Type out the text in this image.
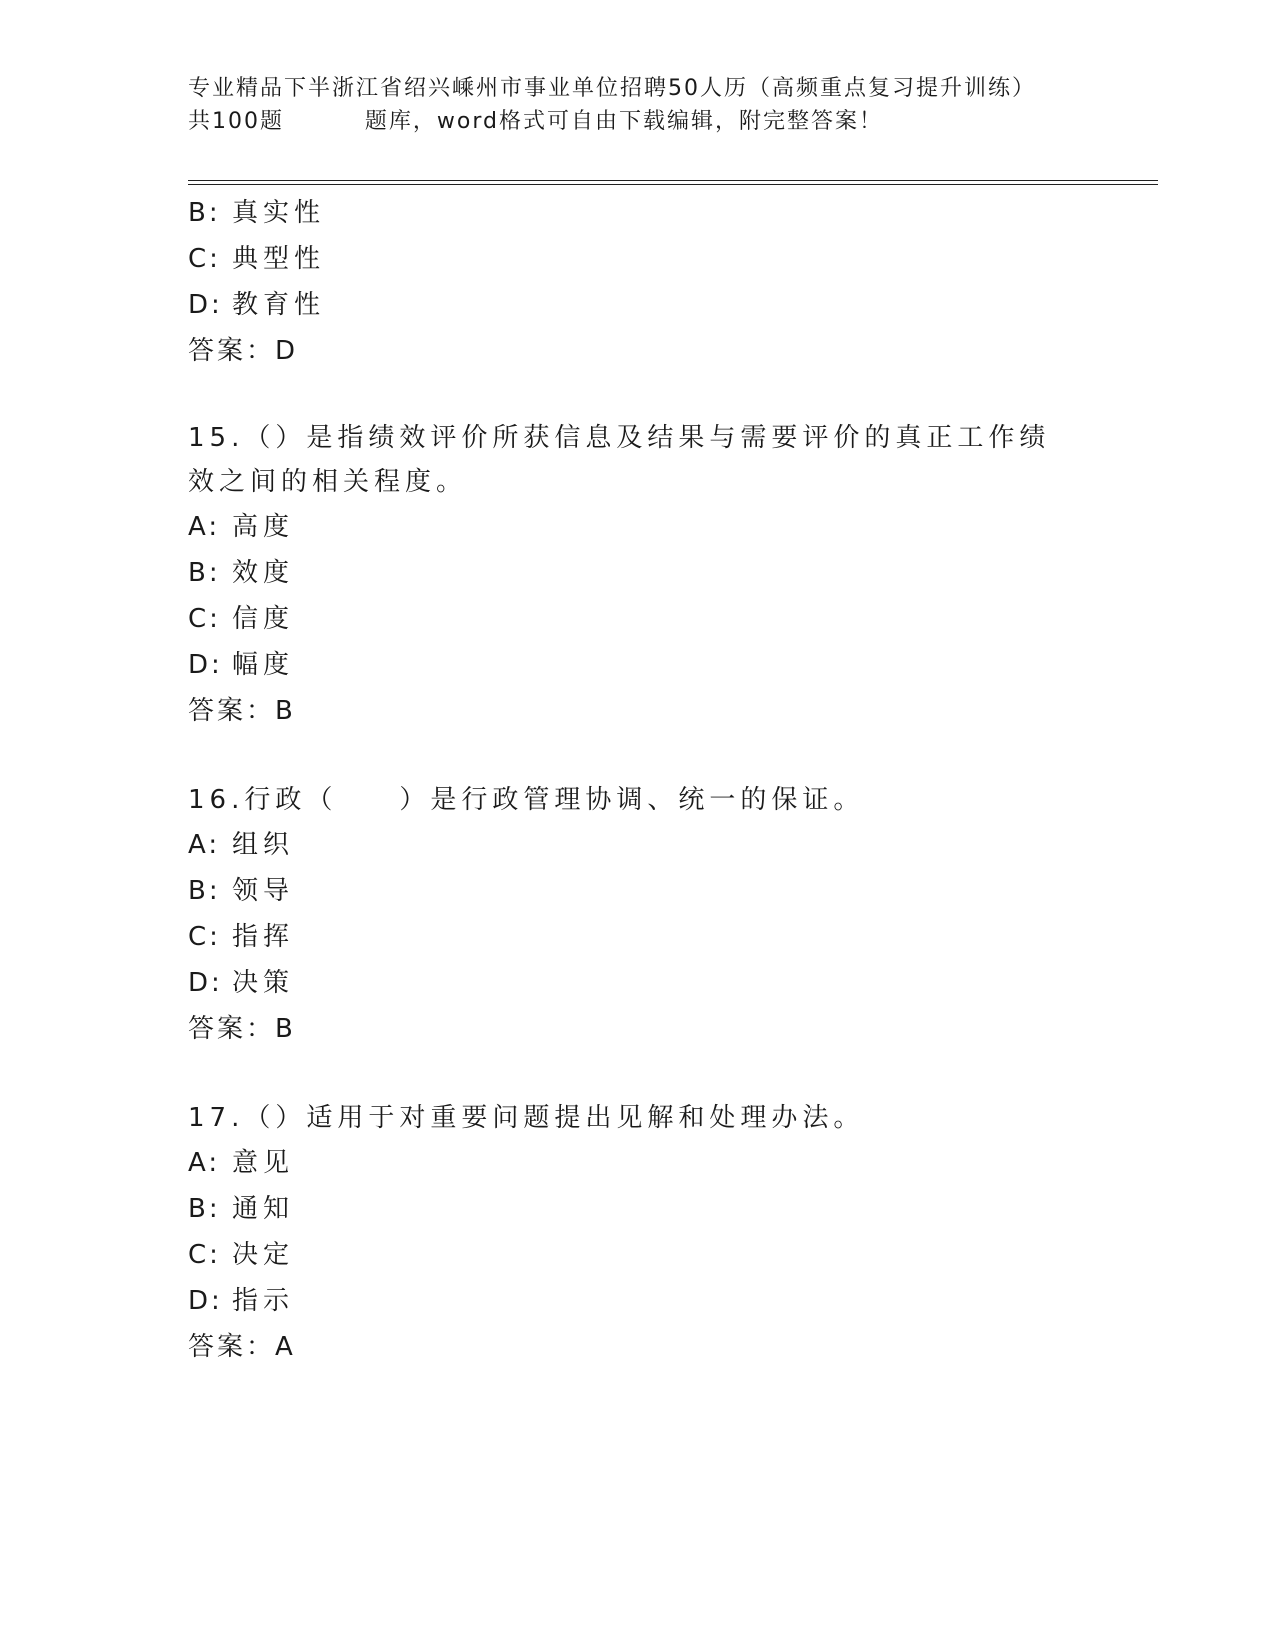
专业精品下半浙江省绍兴嵊州市事业单位招聘50人历（高频重点复习提升训练）
共100题         题库，word格式可自由下载编辑，附完整答案！
B: 真实性
C: 典型性
D: 教育性
答案：D
15.（）是指绩效评价所获信息及结果与需要评价的真正工作绩效之间的相关程度。
A: 高度
B: 效度
C: 信度
D: 幅度
答案：B
16.行政（　　）是行政管理协调、统一的保证。
A: 组织
B: 领导
C: 指挥
D: 决策
答案：B
17.（）适用于对重要问题提出见解和处理办法。
A: 意见
B: 通知
C: 决定
D: 指示
答案：A
